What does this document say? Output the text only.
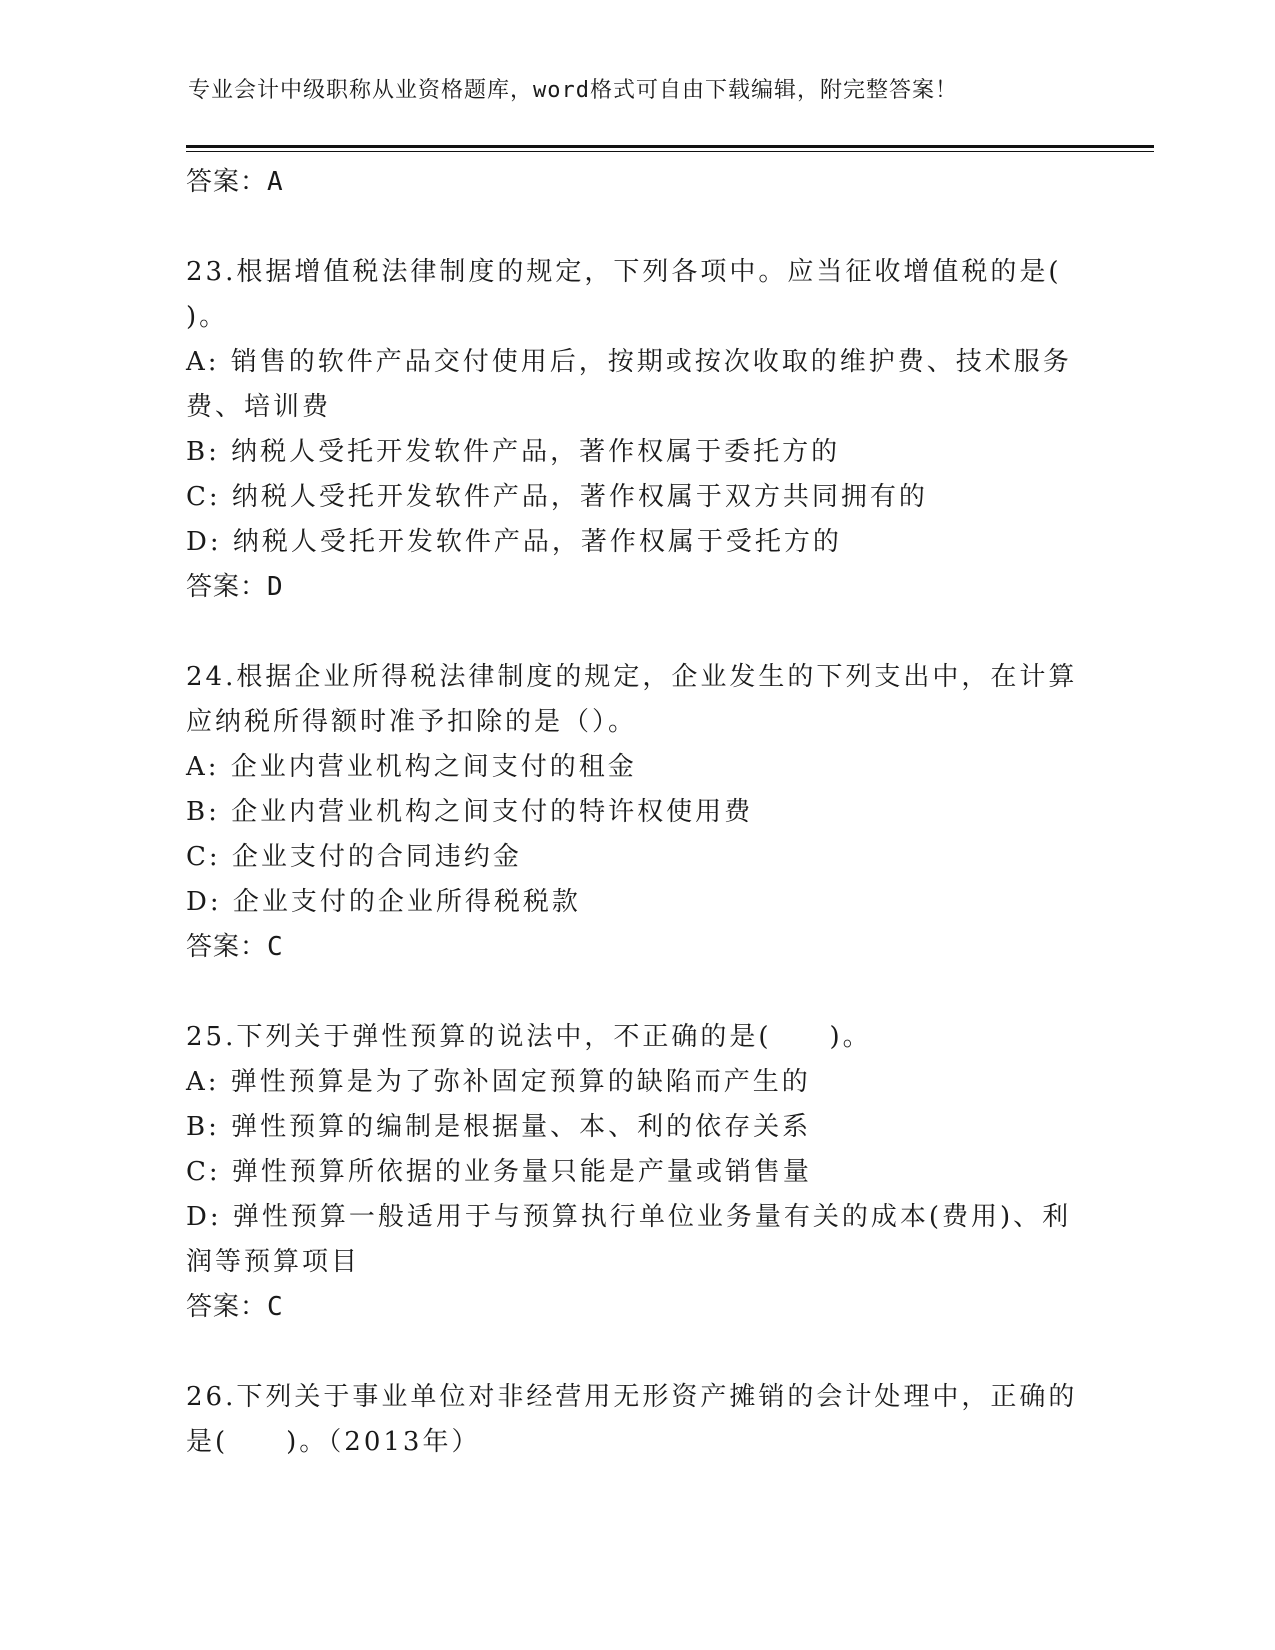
专业会计中级职称从业资格题库，word格式可自由下载编辑，附完整答案！
答案：A
23.根据增值税法律制度的规定，下列各项中。应当征收增值税的是(
)。
A: 销售的软件产品交付使用后，按期或按次收取的维护费、技术服务
费、培训费
B: 纳税人受托开发软件产品，著作权属于委托方的
C: 纳税人受托开发软件产品，著作权属于双方共同拥有的
D: 纳税人受托开发软件产品，著作权属于受托方的
答案：D
24.根据企业所得税法律制度的规定，企业发生的下列支出中，在计算
应纳税所得额时准予扣除的是（）。
A: 企业内营业机构之间支付的租金
B: 企业内营业机构之间支付的特许权使用费
C: 企业支付的合同违约金
D: 企业支付的企业所得税税款
答案：C
25.下列关于弹性预算的说法中，不正确的是(　　)。
A: 弹性预算是为了弥补固定预算的缺陷而产生的
B: 弹性预算的编制是根据量、本、利的依存关系
C: 弹性预算所依据的业务量只能是产量或销售量
D: 弹性预算一般适用于与预算执行单位业务量有关的成本(费用)、利
润等预算项目
答案：C
26.下列关于事业单位对非经营用无形资产摊销的会计处理中，正确的
是(　　)。（2013年）
